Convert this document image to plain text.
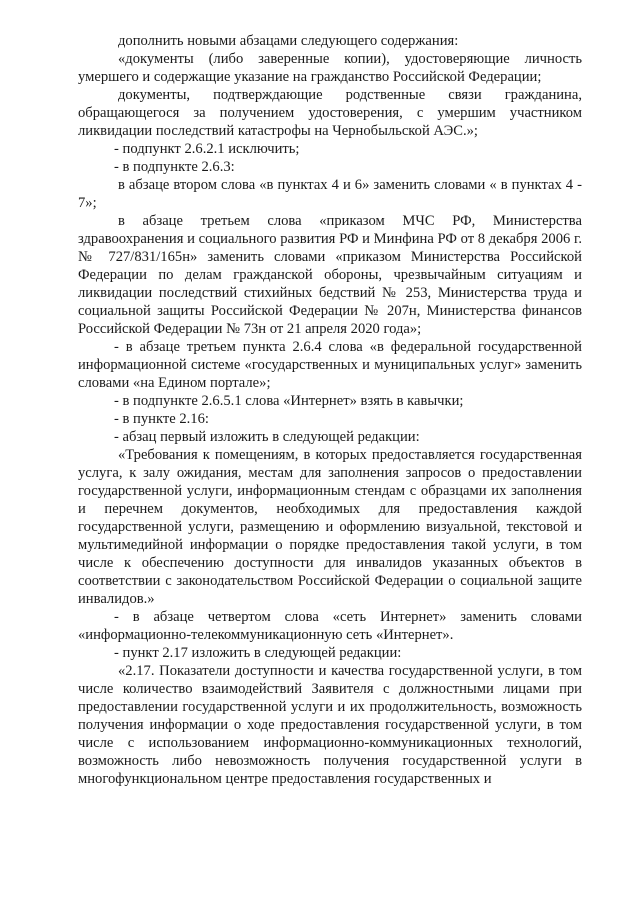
дополнить новыми абзацами следующего содержания:

«документы (либо заверенные копии), удостоверяющие личность умершего и содержащие указание на гражданство Российской Федерации;

документы, подтверждающие родственные связи гражданина, обращающегося за получением удостоверения, с умершим участником ликвидации последствий катастрофы на Чернобыльской АЭС.»;

- подпункт 2.6.2.1 исключить;

- в подпункте 2.6.3:

в абзаце втором слова «в пунктах 4 и 6» заменить словами « в пунктах 4 - 7»;

в абзаце третьем слова «приказом МЧС РФ, Министерства здравоохранения и социального развития РФ и Минфина РФ от 8 декабря 2006 г. № 727/831/165н» заменить словами «приказом Министерства Российской Федерации по делам гражданской обороны, чрезвычайным ситуациям и ликвидации последствий стихийных бедствий № 253, Министерства труда и социальной защиты Российской Федерации № 207н, Министерства финансов Российской Федерации № 73н от 21 апреля 2020 года»;

- в абзаце третьем пункта 2.6.4 слова «в федеральной государственной информационной системе «государственных и муниципальных услуг» заменить словами «на Едином портале»;

- в подпункте 2.6.5.1 слова «Интернет» взять в кавычки;

- в пункте 2.16:

- абзац первый изложить в следующей редакции:

«Требования к помещениям, в которых предоставляется государственная услуга, к залу ожидания, местам для заполнения запросов о предоставлении государственной услуги, информационным стендам с образцами их заполнения и перечнем документов, необходимых для предоставления каждой государственной услуги, размещению и оформлению визуальной, текстовой и мультимедийной информации о порядке предоставления такой услуги, в том числе к обеспечению доступности для инвалидов указанных объектов в соответствии с законодательством Российской Федерации о социальной защите инвалидов.»

- в абзаце четвертом слова «сеть Интернет» заменить словами «информационно-телекоммуникационную сеть «Интернет».

- пункт 2.17 изложить в следующей редакции:

«2.17. Показатели доступности и качества государственной услуги, в том числе количество взаимодействий Заявителя с должностными лицами при предоставлении государственной услуги и их продолжительность, возможность получения информации о ходе предоставления государственной услуги, в том числе с использованием информационно-коммуникационных технологий, возможность либо невозможность получения государственной услуги в многофункциональном центре предоставления государственных и
